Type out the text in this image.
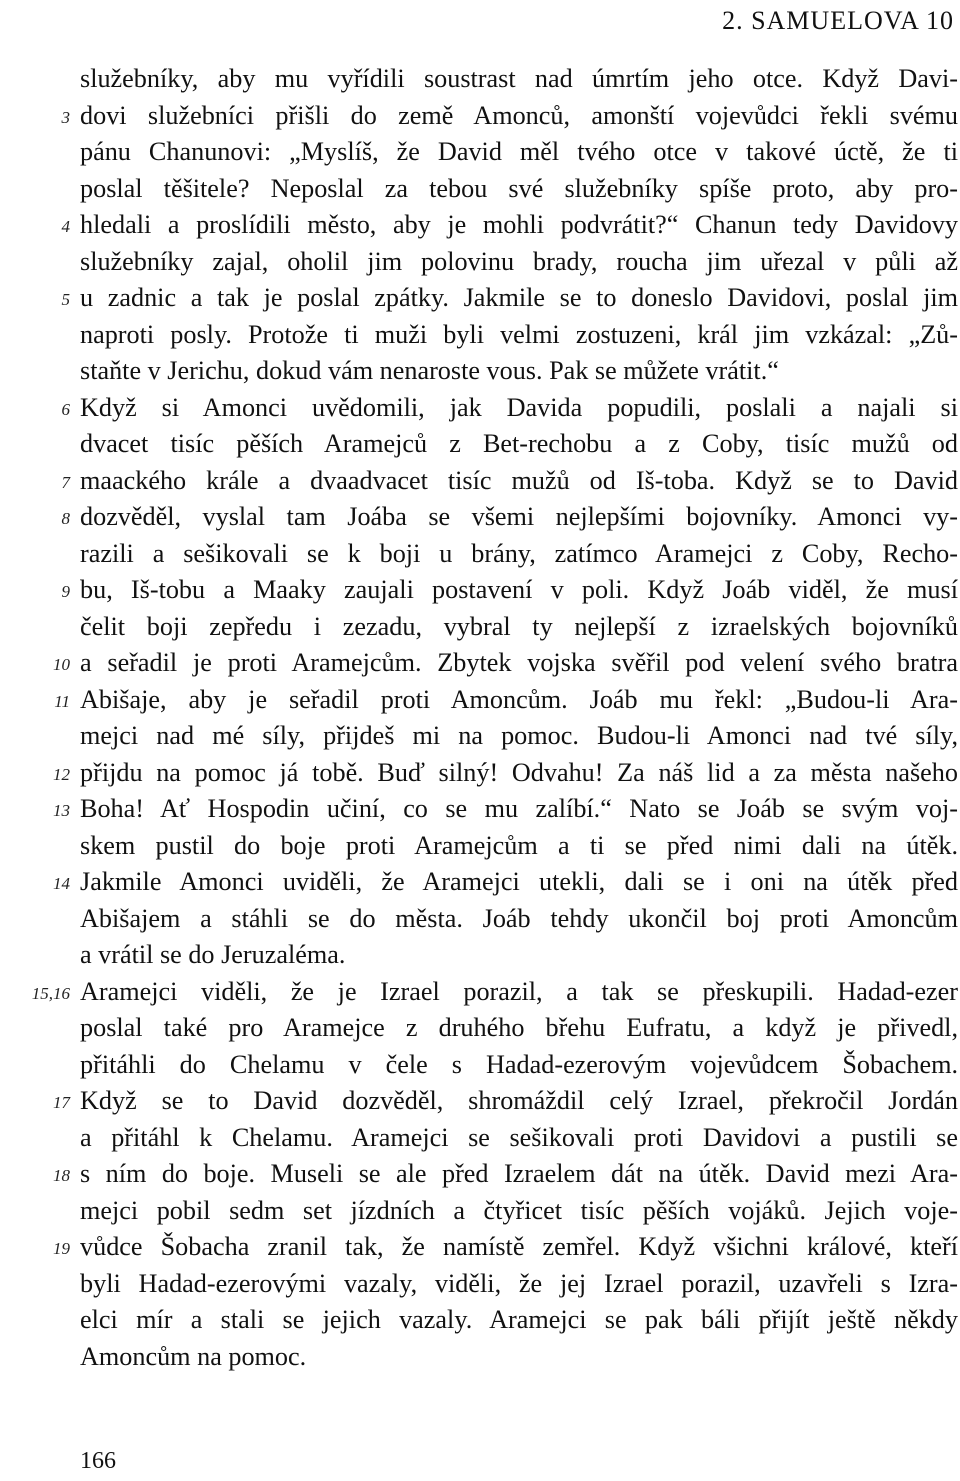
2. SAMUELOVA 10
3
4
5
6
7
8
9
10
11
12
13
14
15,16
17
18
19
služebníky, aby mu vyřídili soustrast nad úmrtím jeho otce. Když Davi-
dovi služebníci přišli do země Amonců, amonští vojevůdci řekli svému
pánu Chanunovi: „Myslíš, že David měl tvého otce v takové úctě, že ti
poslal těšitele? Neposlal za tebou své služebníky spíše proto, aby pro-
hledali a proslídili město, aby je mohli podvrátit?“ Chanun tedy Davidovy
služebníky zajal, oholil jim polovinu brady, roucha jim uřezal v půli až
u zadnic a tak je poslal zpátky. Jakmile se to doneslo Davidovi, poslal jim
naproti posly. Protože ti muži byli velmi zostuzeni, král jim vzkázal: „Zů-
staňte v Jerichu, dokud vám nenaroste vous. Pak se můžete vrátit.“
Když si Amonci uvědomili, jak Davida popudili, poslali a najali si
dvacet tisíc pěších Aramejců z Bet-rechobu a z Coby, tisíc mužů od
maackého krále a dvaadvacet tisíc mužů od Iš-toba. Když se to David
dozvěděl, vyslal tam Joába se všemi nejlepšími bojovníky. Amonci vy-
razili a sešikovali se k boji u brány, zatímco Aramejci z Coby, Recho-
bu, Iš-tobu a Maaky zaujali postavení v poli. Když Joáb viděl, že musí
čelit boji zepředu i zezadu, vybral ty nejlepší z izraelských bojovníků
a seřadil je proti Aramejcům. Zbytek vojska svěřil pod velení svého bratra
Abišaje, aby je seřadil proti Amoncům. Joáb mu řekl: „Budou-li Ara-
mejci nad mé síly, přijdeš mi na pomoc. Budou-li Amonci nad tvé síly,
přijdu na pomoc já tobě. Buď silný! Odvahu! Za náš lid a za města našeho
Boha! Ať Hospodin učiní, co se mu zalíbí.“ Nato se Joáb se svým voj-
skem pustil do boje proti Aramejcům a ti se před nimi dali na útěk.
Jakmile Amonci uviděli, že Aramejci utekli, dali se i oni na útěk před
Abišajem a stáhli se do města. Joáb tehdy ukončil boj proti Amoncům
a vrátil se do Jeruzaléma.
Aramejci viděli, že je Izrael porazil, a tak se přeskupili. Hadad-ezer
poslal také pro Aramejce z druhého břehu Eufratu, a když je přivedl,
přitáhli do Chelamu v čele s Hadad-ezerovým vojevůdcem Šobachem.
Když se to David dozvěděl, shromáždil celý Izrael, překročil Jordán
a přitáhl k Chelamu. Aramejci se sešikovali proti Davidovi a pustili se
s ním do boje. Museli se ale před Izraelem dát na útěk. David mezi Ara-
mejci pobil sedm set jízdních a čtyřicet tisíc pěších vojáků. Jejich voje-
vůdce Šobacha zranil tak, že namístě zemřel. Když všichni králové, kteří
byli Hadad-ezerovými vazaly, viděli, že jej Izrael porazil, uzavřeli s Izra-
elci mír a stali se jejich vazaly. Aramejci se pak báli přijít ještě někdy
Amoncům na pomoc.
166
